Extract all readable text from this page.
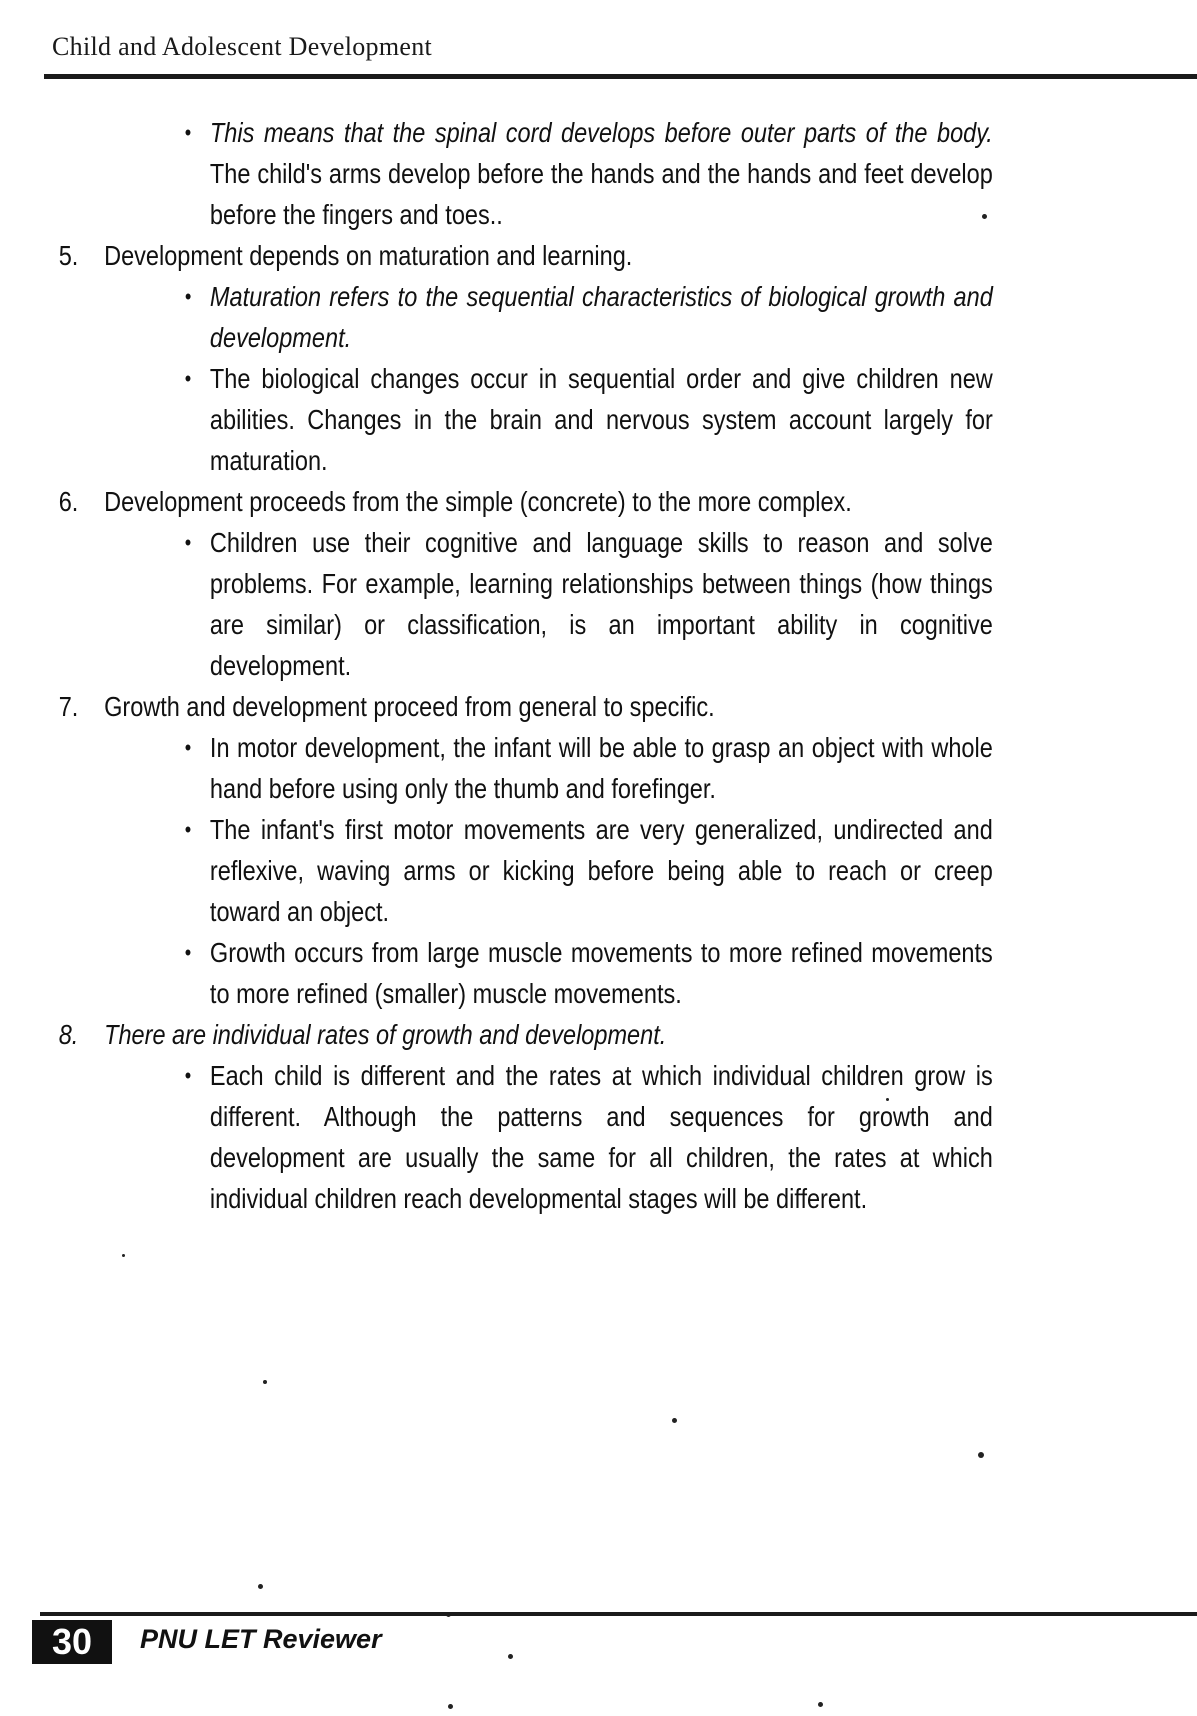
Child and Adolescent Development
• This means that the spinal cord develops before outer parts of the body. The child's arms develop before the hands and the hands and feet develop before the fingers and toes..
5. Development depends on maturation and learning.
• Maturation refers to the sequential characteristics of biological growth and development.
• The biological changes occur in sequential order and give children new abilities. Changes in the brain and nervous system account largely for maturation.
6. Development proceeds from the simple (concrete) to the more complex.
• Children use their cognitive and language skills to reason and solve problems. For example, learning relationships between things (how things are similar) or classification, is an important ability in cognitive development.
7. Growth and development proceed from general to specific.
• In motor development, the infant will be able to grasp an object with whole hand before using only the thumb and forefinger.
• The infant's first motor movements are very generalized, undirected and reflexive, waving arms or kicking before being able to reach or creep toward an object.
• Growth occurs from large muscle movements to more refined movements to more refined (smaller) muscle movements.
8. There are individual rates of growth and development.
• Each child is different and the rates at which individual children grow is different. Although the patterns and sequences for growth and development are usually the same for all children, the rates at which individual children reach developmental stages will be different.
30	PNU LET Reviewer
